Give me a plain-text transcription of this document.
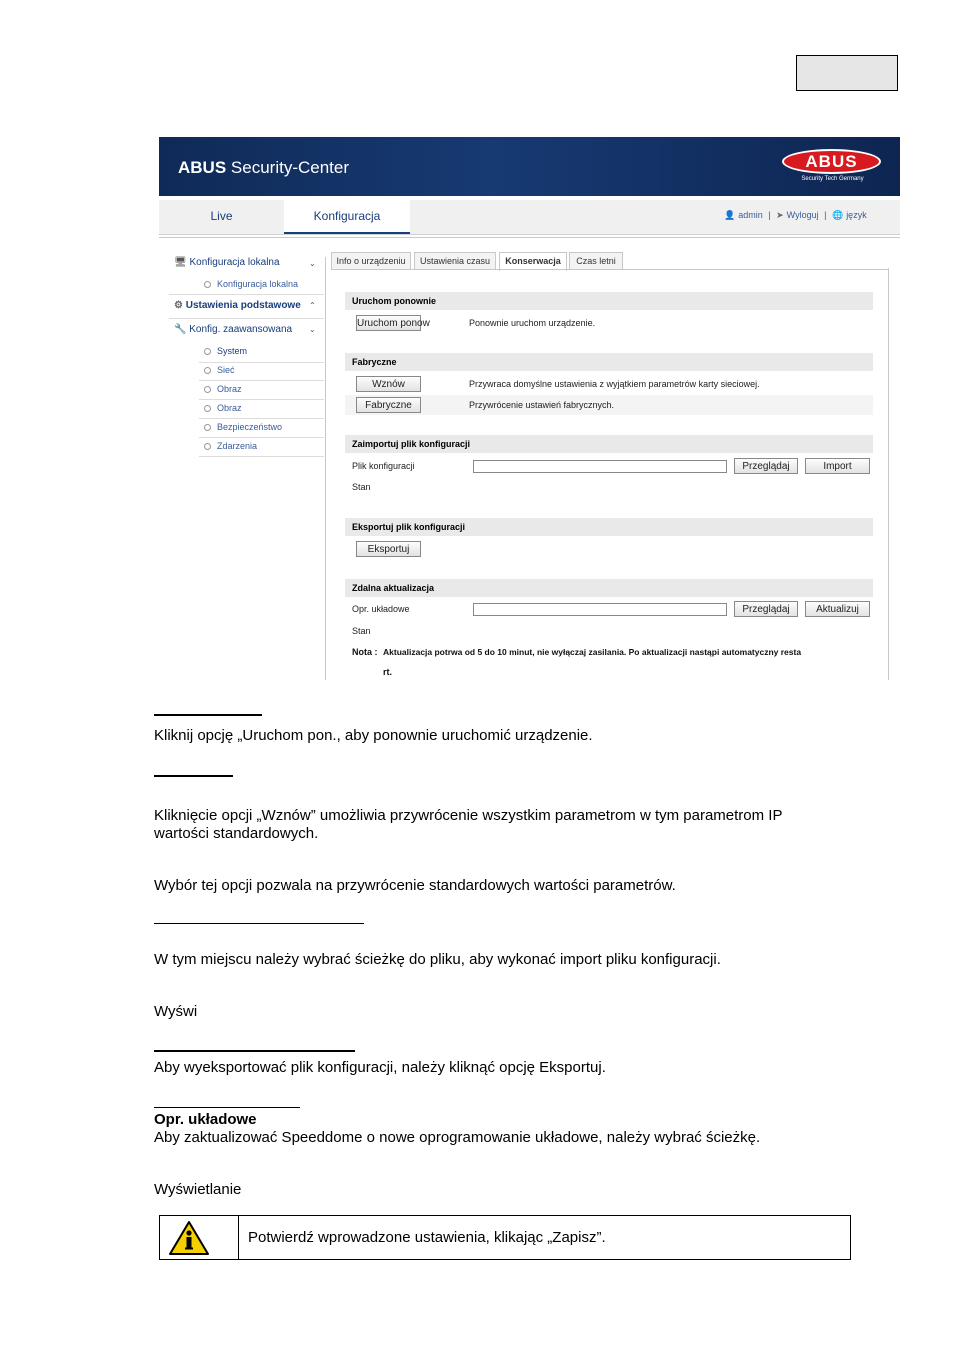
ABUS Security-Center	ABUS
Security Tech Germany
Live	Konfiguracja	👤 admin | ➤ Wyloguj | 🌐 język
🖥 Konfiguracja lokalna	⌄
Konfiguracja lokalna
⚙ Ustawienia podstawowe ⌃
🔧 Konfig. zaawansowana ⌄
System
Sieć
Obraz
Obraz
Bezpieczeństwo
Zdarzenia
Info o urządzeniu	Ustawienia czasu	Konserwacja	Czas letni
Uruchom ponownie
Uruchom ponow	Ponownie uruchom urządzenie.
Fabryczne
Wznów	Przywraca domyślne ustawienia z wyjątkiem parametrów karty sieciowej.
Fabryczne	Przywrócenie ustawień fabrycznych.
Zaimportuj plik konfiguracji
Plik konfiguracji	Przeglądaj	Import
Stan
Eksportuj plik konfiguracji
Eksportuj
Zdalna aktualizacja
Opr. układowe	Przeglądaj	Aktualizuj
Stan
Nota : Aktualizacja potrwa od 5 do 10 minut, nie wyłączaj zasilania. Po aktualizacji nastąpi automatyczny resta
rt.
Kliknij opcję „Uruchom pon., aby ponownie uruchomić urządzenie.
Kliknięcie opcji „Wznów” umożliwia przywrócenie wszystkim parametrom w tym parametrom IP
wartości standardowych.
Wybór tej opcji pozwala na przywrócenie standardowych wartości parametrów.
W tym miejscu należy wybrać ścieżkę do pliku, aby wykonać import pliku konfiguracji.
Wyświ
Aby wyeksportować plik konfiguracji, należy kliknąć opcję Eksportuj.
Opr. układowe
Aby zaktualizować Speeddome o nowe oprogramowanie układowe, należy wybrać ścieżkę.
Wyświetlanie
Potwierdź wprowadzone ustawienia, klikając „Zapisz”.
